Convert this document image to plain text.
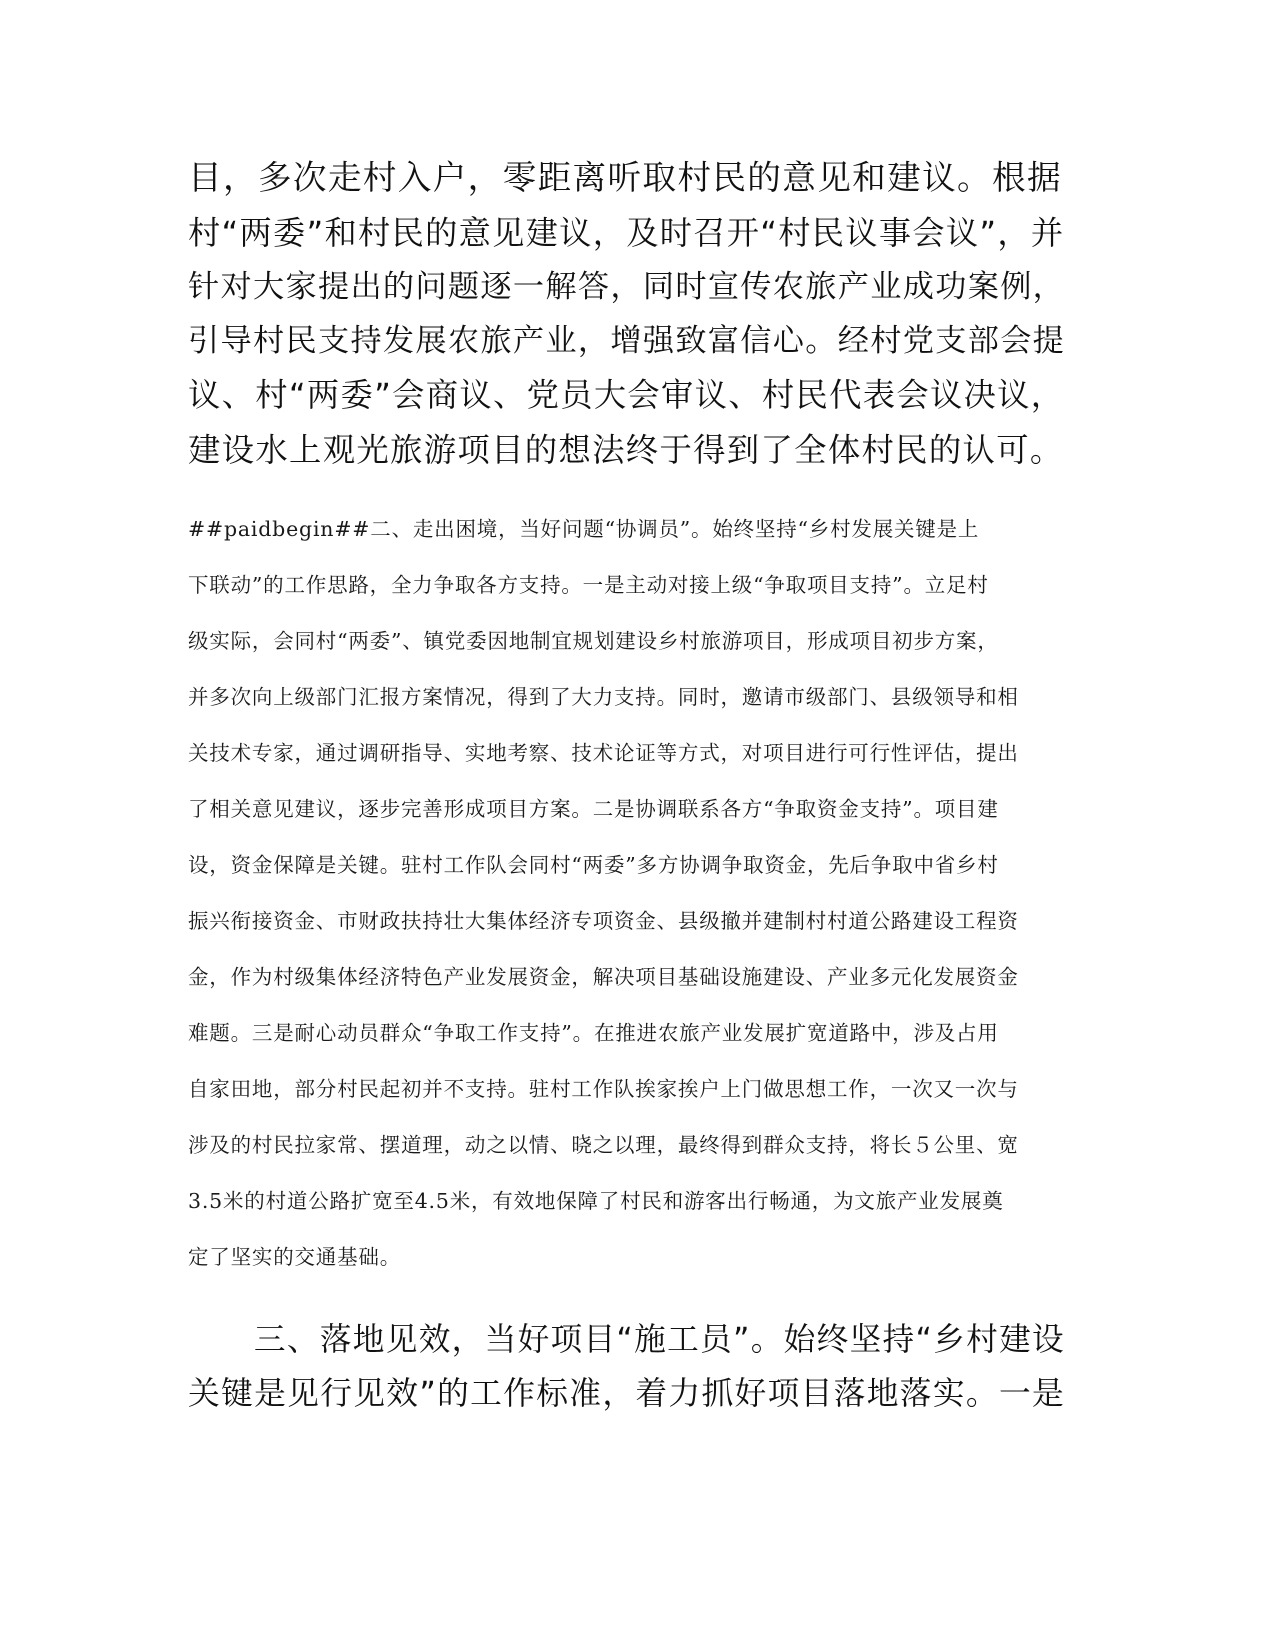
目，多次走村入户，零距离听取村民的意见和建议。根据
村“两委”和村民的意见建议，及时召开“村民议事会议”，并
针对大家提出的问题逐一解答，同时宣传农旅产业成功案例，
引导村民支持发展农旅产业，增强致富信心。经村党支部会提
议、村“两委”会商议、党员大会审议、村民代表会议决议，
建设水上观光旅游项目的想法终于得到了全体村民的认可。
##paidbegin##二、走出困境，当好问题“协调员”。始终坚持“乡村发展关键是上
下联动”的工作思路，全力争取各方支持。一是主动对接上级“争取项目支持”。立足村
级实际，会同村“两委”、镇党委因地制宜规划建设乡村旅游项目，形成项目初步方案，
并多次向上级部门汇报方案情况，得到了大力支持。同时，邀请市级部门、县级领导和相
关技术专家，通过调研指导、实地考察、技术论证等方式，对项目进行可行性评估，提出
了相关意见建议，逐步完善形成项目方案。二是协调联系各方“争取资金支持”。项目建
设，资金保障是关键。驻村工作队会同村“两委”多方协调争取资金，先后争取中省乡村
振兴衔接资金、市财政扶持壮大集体经济专项资金、县级撤并建制村村道公路建设工程资
金，作为村级集体经济特色产业发展资金，解决项目基础设施建设、产业多元化发展资金
难题。三是耐心动员群众“争取工作支持”。在推进农旅产业发展扩宽道路中，涉及占用
自家田地，部分村民起初并不支持。驻村工作队挨家挨户上门做思想工作，一次又一次与
涉及的村民拉家常、摆道理，动之以情、晓之以理，最终得到群众支持，将长５公里、宽
3.5米的村道公路扩宽至4.5米，有效地保障了村民和游客出行畅通，为文旅产业发展奠
定了坚实的交通基础。
　　三、落地见效，当好项目“施工员”。始终坚持“乡村建设
关键是见行见效”的工作标准，着力抓好项目落地落实。一是
